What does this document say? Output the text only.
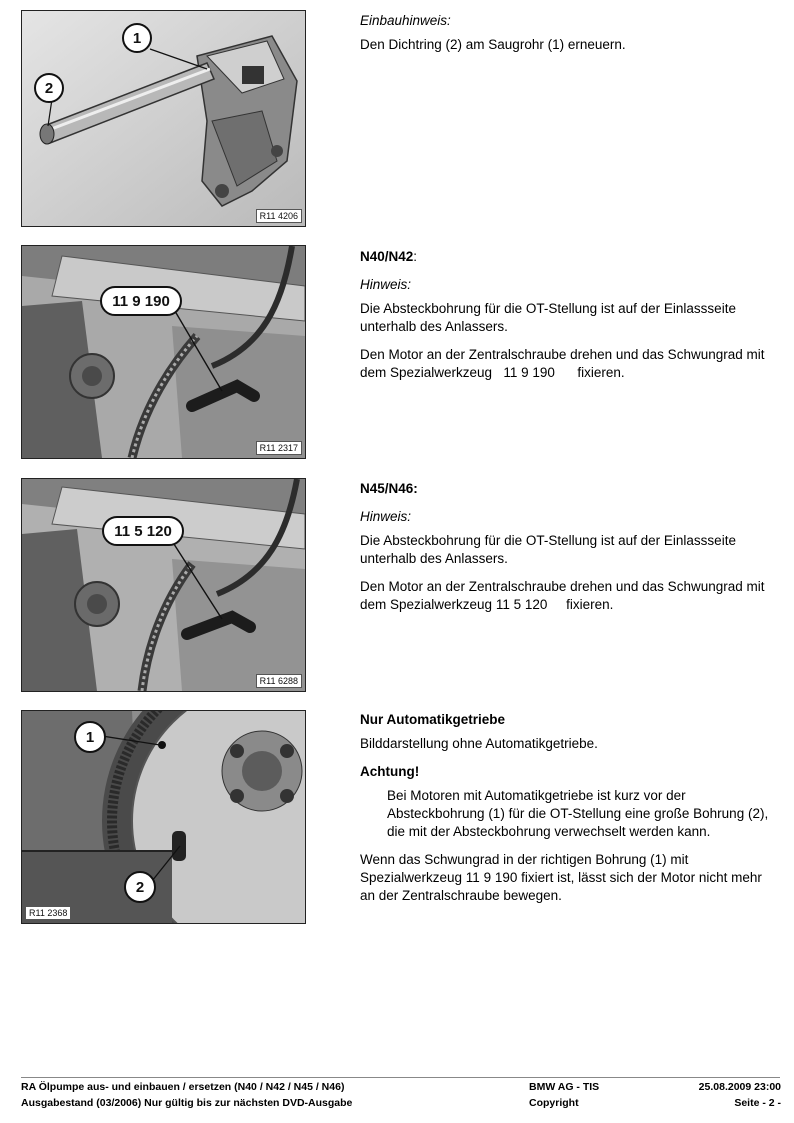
1
2
R11 4206
11 9 190
R11 2317
11 5 120
R11 6288
1
2
R11 2368

Einbauhinweis:

Den Dichtring (2) am Saugrohr (1) erneuern.

N40/N42:

Hinweis:

Die Absteckbohrung für die OT-Stellung ist auf der Einlassseite unterhalb des Anlassers.

Den Motor an der Zentralschraube drehen und das Schwungrad mit dem Spezialwerkzeug   11 9 190      fixieren.

N45/N46:

Hinweis:

Die Absteckbohrung für die OT-Stellung ist auf der Einlassseite unterhalb des Anlassers.

Den Motor an der Zentralschraube drehen und das Schwungrad mit dem Spezialwerkzeug 11 5 120     fixieren.

Nur Automatikgetriebe

Bilddarstellung ohne Automatikgetriebe.

Achtung!

Bei Motoren mit Automatikgetriebe ist kurz vor der Absteckbohrung (1) für die OT-Stellung eine große Bohrung (2), die mit der Absteckbohrung verwechselt werden kann.

Wenn das Schwungrad in der richtigen Bohrung (1) mit Spezialwerkzeug 11 9 190 fixiert ist, lässt sich der Motor nicht mehr an der Zentralschraube bewegen.

RA Ölpumpe aus- und einbauen / ersetzen (N40 / N42 / N45 / N46)	BMW AG - TIS	25.08.2009 23:00
Ausgabestand (03/2006) Nur gültig bis zur nächsten DVD-Ausgabe	Copyright	Seite - 2 -
